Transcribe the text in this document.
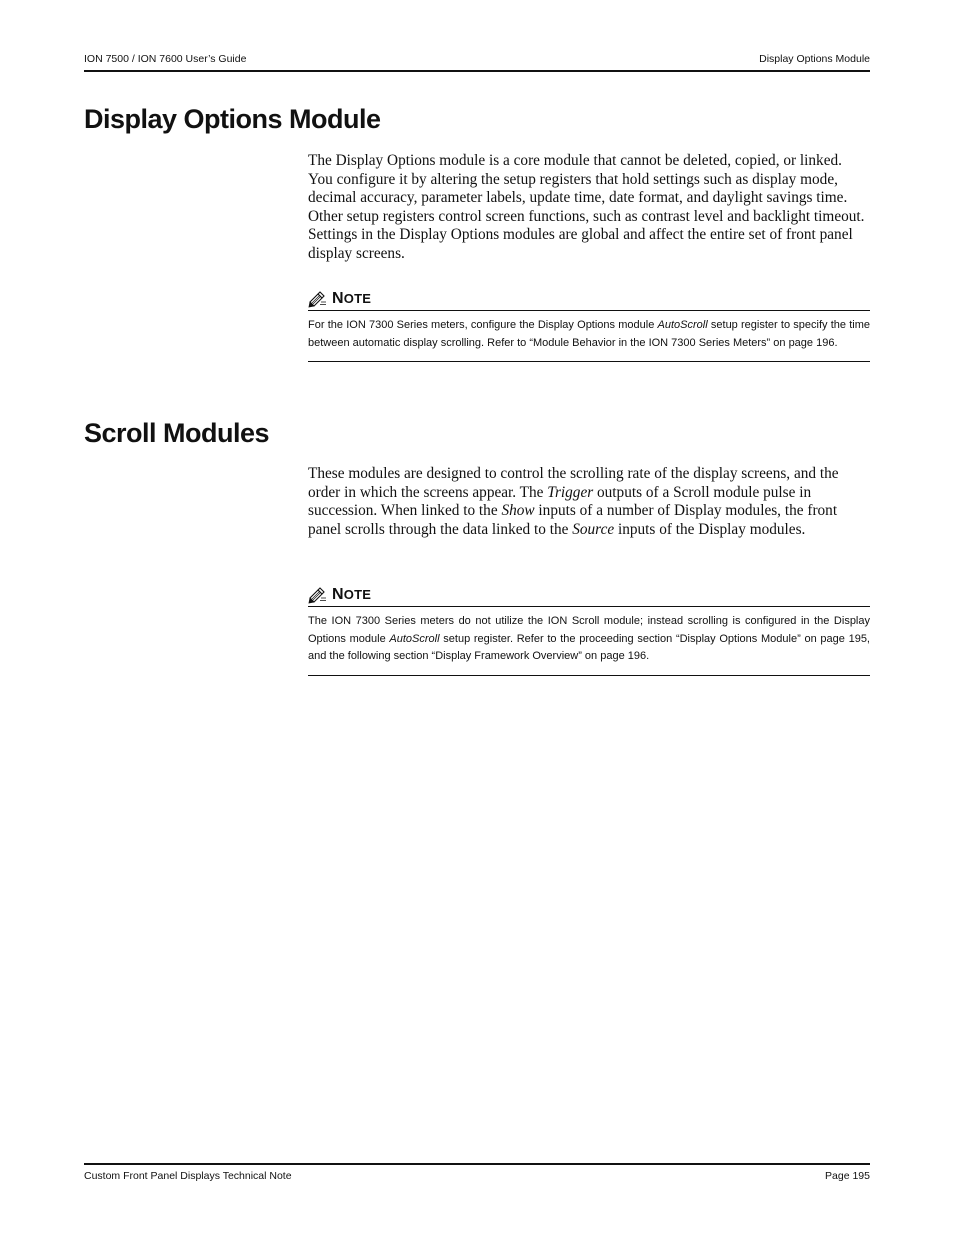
ION 7500 / ION 7600 User’s Guide	Display Options Module
Display Options Module

The Display Options module is a core module that cannot be deleted, copied, or linked. You configure it by altering the setup registers that hold settings such as display mode, decimal accuracy, parameter labels, update time, date format, and daylight savings time. Other setup registers control screen functions, such as contrast level and backlight timeout. Settings in the Display Options modules are global and affect the entire set of front panel display screens.

NOTE
For the ION 7300 Series meters, configure the Display Options module AutoScroll setup register to specify the time between automatic display scrolling. Refer to “Module Behavior in the ION 7300 Series Meters” on page 196.
Scroll Modules

These modules are designed to control the scrolling rate of the display screens, and the order in which the screens appear. The Trigger outputs of a Scroll module pulse in succession. When linked to the Show inputs of a number of Display modules, the front panel scrolls through the data linked to the Source inputs of the Display modules.

NOTE
The ION 7300 Series meters do not utilize the ION Scroll module; instead scrolling is configured in the Display Options module AutoScroll setup register. Refer to the proceeding section “Display Options Module” on page 195, and the following section “Display Framework Overview” on page 196.
Custom Front Panel Displays Technical Note	Page 195
